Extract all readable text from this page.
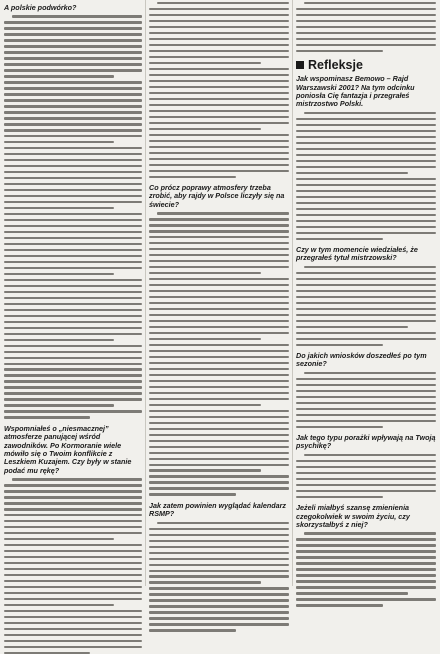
A polskie podwórko?
Wspomniałeś o „niesmacznej” atmosferze panującej wśród zawodników. Po Kormoranie wiele mówiło się o Twoim konflikcie z Leszkiem Kuzajem. Czy były w stanie podać mu rękę?
Co prócz poprawy atmosfery trzeba zrobić, aby rajdy w Polsce liczyły się na świecie?
Jak zatem powinien wyglądać kalendarz RSMP?
Refleksje
Jak wspominasz Bemowo – Rajd Warszawski 2001? Na tym odcinku poniosła Cię fantazja i przegrałeś mistrzostwo Polski.
Czy w tym momencie wiedziałeś, że przegrałeś tytuł mistrzowski?
Do jakich wniosków doszedłeś po tym sezonie?
Jak tego typu porażki wpływają na Twoją psychikę?
Jeżeli miałbyś szansę zmienienia czegokolwiek w swoim życiu, czy skorzystałbyś z niej?
